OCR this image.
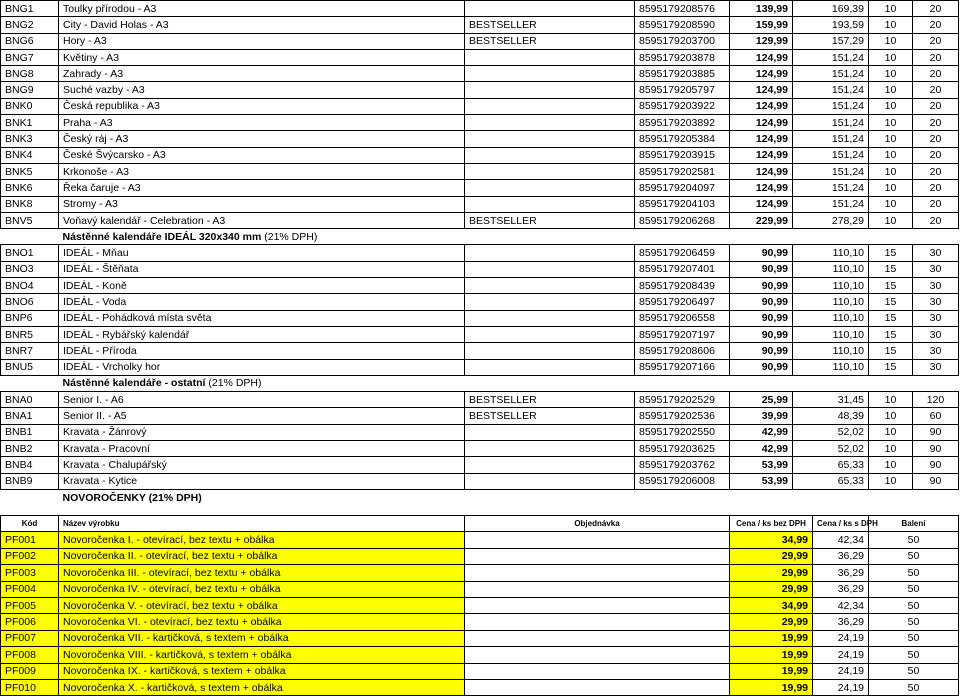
BNG1	Toulky přírodou - A3		8595179208576	139,99	169,39	10	20
BNG2	City - David Holas - A3	BESTSELLER	8595179208590	159,99	193,59	10	20
BNG6	Hory - A3	BESTSELLER	8595179203700	129,99	157,29	10	20
BNG7	Květiny - A3		8595179203878	124,99	151,24	10	20
BNG8	Zahrady - A3		8595179203885	124,99	151,24	10	20
BNG9	Suché vazby - A3		8595179205797	124,99	151,24	10	20
BNK0	Česká republika - A3		8595179203922	124,99	151,24	10	20
BNK1	Praha - A3		8595179203892	124,99	151,24	10	20
BNK3	Český ráj - A3		8595179205384	124,99	151,24	10	20
BNK4	České Švýcarsko - A3		8595179203915	124,99	151,24	10	20
BNK5	Krkonoše - A3		8595179202581	124,99	151,24	10	20
BNK6	Řeka čaruje - A3		8595179204097	124,99	151,24	10	20
BNK8	Stromy - A3		8595179204103	124,99	151,24	10	20
BNV5	Voňavý kalendář - Celebration - A3	BESTSELLER	8595179206268	229,99	278,29	10	20
	Nástěnné kalendáře IDEÁL 320x340 mm (21% DPH)						
BNO1	IDEÁL - Mňau		8595179206459	90,99	110,10	15	30
BNO3	IDEÁL - Štěňata		8595179207401	90,99	110,10	15	30
BNO4	IDEÁL - Koně		8595179208439	90,99	110,10	15	30
BNO6	IDEÁL - Voda		8595179206497	90,99	110,10	15	30
BNP6	IDEÁL - Pohádková místa světa		8595179206558	90,99	110,10	15	30
BNR5	IDEÁL - Rybářský kalendář		8595179207197	90,99	110,10	15	30
BNR7	IDEÁL - Příroda		8595179208606	90,99	110,10	15	30
BNU5	IDEÁL - Vrcholky hor		8595179207166	90,99	110,10	15	30
	Nástěnné kalendáře - ostatní (21% DPH)						
BNA0	Senior I. - A6	BESTSELLER	8595179202529	25,99	31,45	10	120
BNA1	Senior II. - A5	BESTSELLER	8595179202536	39,99	48,39	10	60
BNB1	Kravata - Žánrový		8595179202550	42,99	52,02	10	90
BNB2	Kravata - Pracovní		8595179203625	42,99	52,02	10	90
BNB4	Kravata - Chalupářský		8595179203762	53,99	65,33	10	90
BNB9	Kravata - Kytice		8595179206008	53,99	65,33	10	90
	NOVOROČENKY (21% DPH)						
Kód	Název výrobku	Objednávka	Cena / ks bez DPH	Cena / ks s DPH	Balení
PF001	Novoročenka I. - otevírací, bez textu + obálka		34,99	42,34	50
PF002	Novoročenka II. - otevírací, bez textu + obálka		29,99	36,29	50
PF003	Novoročenka III. - otevírací, bez textu + obálka		29,99	36,29	50
PF004	Novoročenka IV. - otevírací, bez textu + obálka		29,99	36,29	50
PF005	Novoročenka V. - otevírací, bez textu + obálka		34,99	42,34	50
PF006	Novoročenka VI. - otevírací, bez textu + obálka		29,99	36,29	50
PF007	Novoročenka VII. - kartičková, s textem + obálka		19,99	24,19	50
PF008	Novoročenka VIII. - kartičková, s textem + obálka		19,99	24,19	50
PF009	Novoročenka IX. - kartičková, s textem + obálka		19,99	24,19	50
PF010	Novoročenka X. - kartičková, s textem + obálka		19,99	24,19	50
